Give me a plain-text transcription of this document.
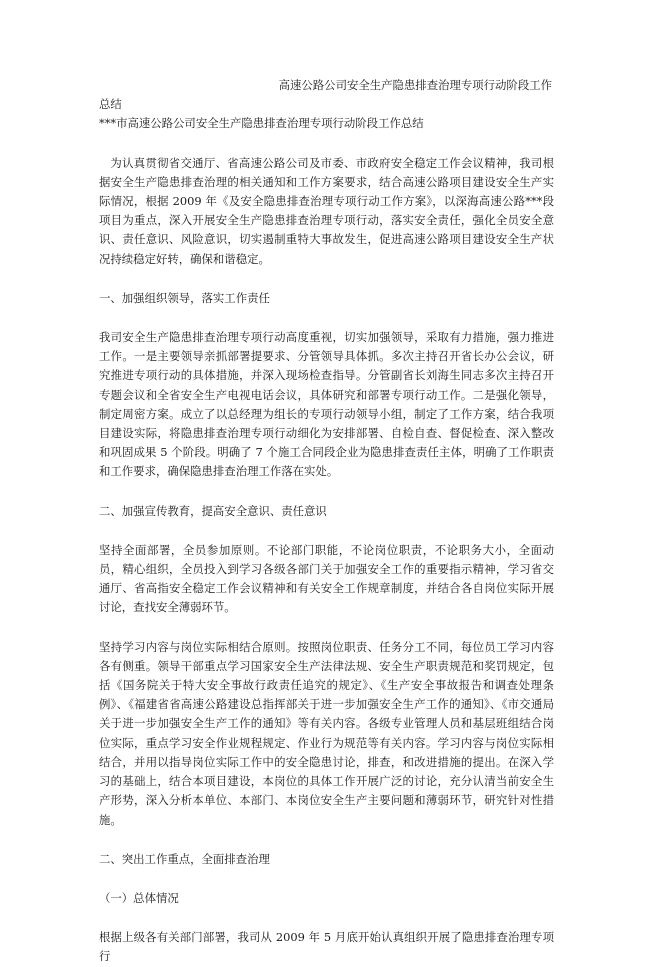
高速公路公司安全生产隐患排查治理专项行动阶段工作

总结

***市高速公路公司安全生产隐患排查治理专项行动阶段工作总结

为认真贯彻省交通厅、省高速公路公司及市委、市政府安全稳定工作会议精神，我司根据安全生产隐患排查治理的相关通知和工作方案要求，结合高速公路项目建设安全生产实际情况，根据 2009 年《及安全隐患排查治理专项行动工作方案》，以深海高速公路***段项目为重点，深入开展安全生产隐患排查治理专项行动，落实安全责任，强化全员安全意识、责任意识、风险意识，切实遏制重特大事故发生，促进高速公路项目建设安全生产状况持续稳定好转，确保和谐稳定。

一、加强组织领导，落实工作责任

我司安全生产隐患排查治理专项行动高度重视，切实加强领导，采取有力措施，强力推进工作。一是主要领导亲抓部署提要求、分管领导具体抓。多次主持召开省长办公会议，研究推进专项行动的具体措施，并深入现场检查指导。分管副省长刘海生同志多次主持召开专题会议和全省安全生产电视电话会议，具体研究和部署专项行动工作。二是强化领导，制定周密方案。成立了以总经理为组长的专项行动领导小组，制定了工作方案，结合我项目建设实际，将隐患排查治理专项行动细化为安排部署、自检自查、督促检查、深入整改和巩固成果 5 个阶段。明确了 7 个施工合同段企业为隐患排查责任主体，明确了工作职责和工作要求，确保隐患排查治理工作落在实处。

二、加强宣传教育，提高安全意识、责任意识

坚持全面部署，全员参加原则。不论部门职能，不论岗位职责，不论职务大小，全面动员，精心组织，全员投入到学习各级各部门关于加强安全工作的重要指示精神，学习省交通厅、省高指安全稳定工作会议精神和有关安全工作规章制度，并结合各自岗位实际开展讨论，查找安全薄弱环节。

坚持学习内容与岗位实际相结合原则。按照岗位职责、任务分工不同，每位员工学习内容各有侧重。领导干部重点学习国家安全生产法律法规、安全生产职责规范和奖罚规定，包括《国务院关于特大安全事故行政责任追究的规定》、《生产安全事故报告和调查处理条例》、《福建省省高速公路建设总指挥部关于进一步加强安全生产工作的通知》、《市交通局关于进一步加强安全生产工作的通知》等有关内容。各级专业管理人员和基层班组结合岗位实际，重点学习安全作业规程规定、作业行为规范等有关内容。学习内容与岗位实际相结合，并用以指导岗位实际工作中的安全隐患讨论，排查，和改进措施的提出。在深入学习的基础上，结合本项目建设，本岗位的具体工作开展广泛的讨论，充分认清当前安全生产形势，深入分析本单位、本部门、本岗位安全生产主要问题和薄弱环节，研究针对性措施。

二、突出工作重点，全面排查治理

（一）总体情况

根据上级各有关部门部署，我司从 2009 年 5 月底开始认真组织开展了隐患排查治理专项行
